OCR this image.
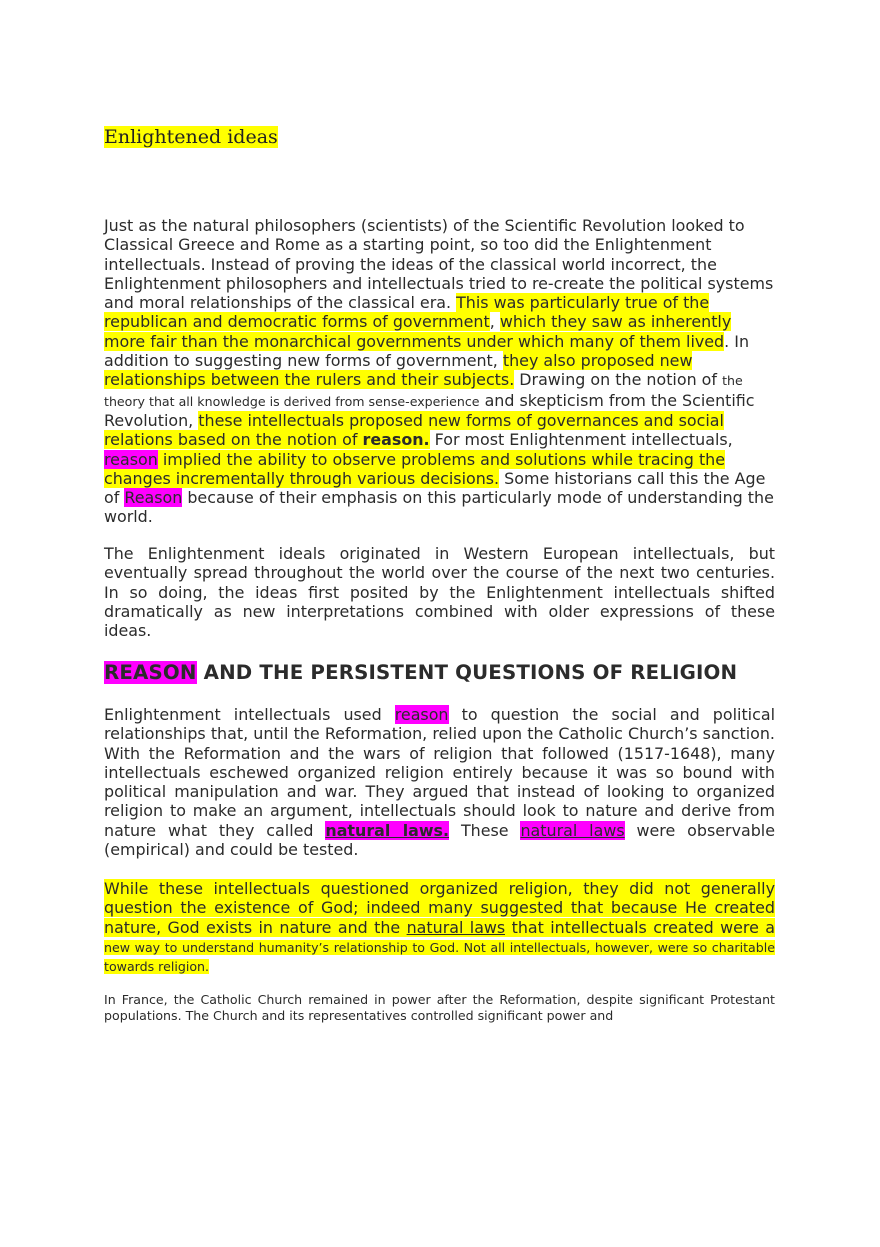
Enlightened ideas

Just as the natural philosophers (scientists) of the Scientific Revolution looked to Classical Greece and Rome as a starting point, so too did the Enlightenment intellectuals. Instead of proving the ideas of the classical world incorrect, the Enlightenment philosophers and intellectuals tried to re-create the political systems and moral relationships of the classical era. This was particularly true of the republican and democratic forms of government, which they saw as inherently more fair than the monarchical governments under which many of them lived. In addition to suggesting new forms of government, they also proposed new relationships between the rulers and their subjects. Drawing on the notion of the theory that all knowledge is derived from sense-experience and skepticism from the Scientific Revolution, these intellectuals proposed new forms of governances and social relations based on the notion of reason. For most Enlightenment intellectuals, reason implied the ability to observe problems and solutions while tracing the changes incrementally through various decisions. Some historians call this the Age of Reason because of their emphasis on this particularly mode of understanding the world.

The Enlightenment ideals originated in Western European intellectuals, but eventually spread throughout the world over the course of the next two centuries. In so doing, the ideas first posited by the Enlightenment intellectuals shifted dramatically as new interpretations combined with older expressions of these ideas.

REASON AND THE PERSISTENT QUESTIONS OF RELIGION

Enlightenment intellectuals used reason to question the social and political relationships that, until the Reformation, relied upon the Catholic Church’s sanction. With the Reformation and the wars of religion that followed (1517-1648), many intellectuals eschewed organized religion entirely because it was so bound with political manipulation and war. They argued that instead of looking to organized religion to make an argument, intellectuals should look to nature and derive from nature what they called natural laws. These natural laws were observable (empirical) and could be tested.

While these intellectuals questioned organized religion, they did not generally question the existence of God; indeed many suggested that because He created nature, God exists in nature and the natural laws that intellectuals created were a new way to understand humanity’s relationship to God. Not all intellectuals, however, were so charitable towards religion.

In France, the Catholic Church remained in power after the Reformation, despite significant Protestant populations. The Church and its representatives controlled significant power and
